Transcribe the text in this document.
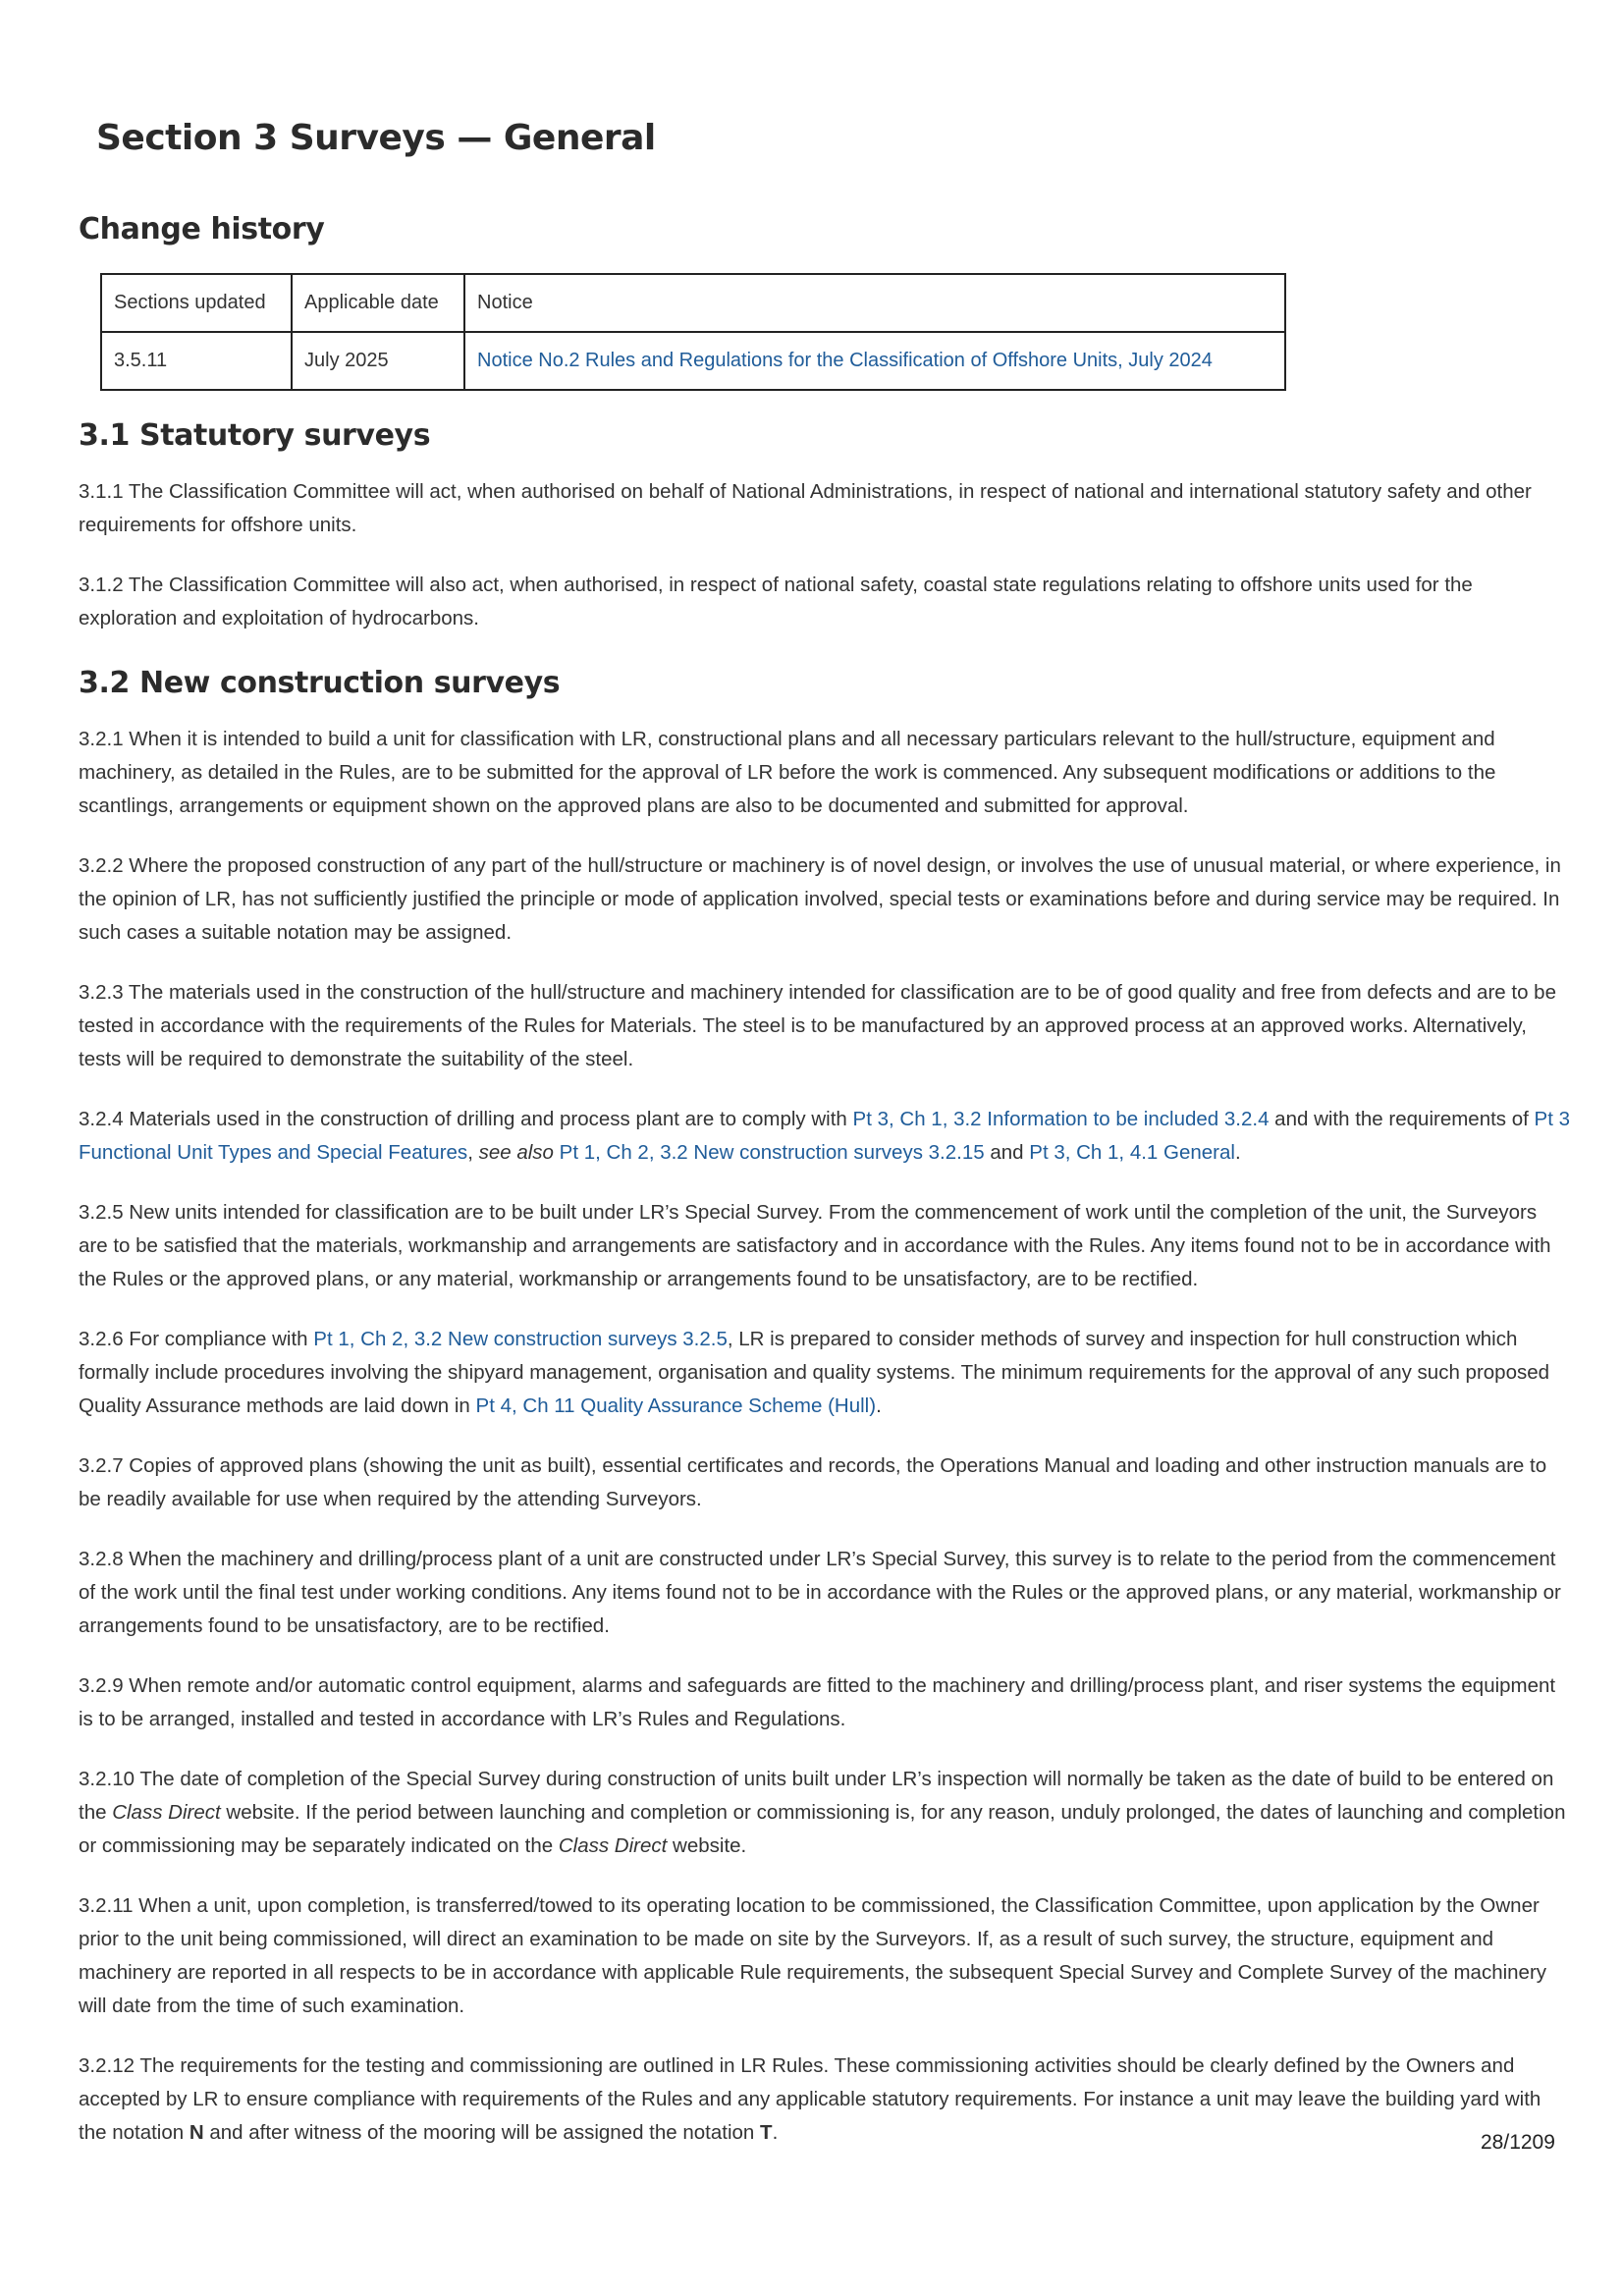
Section 3 Surveys — General
Change history
Sections updated	Applicable date	Notice
3.5.11	July 2025	Notice No.2 Rules and Regulations for the Classification of Offshore Units, July 2024
3.1 Statutory surveys

3.1.1 The Classification Committee will act, when authorised on behalf of National Administrations, in respect of national and international statutory safety and other requirements for offshore units.

3.1.2 The Classification Committee will also act, when authorised, in respect of national safety, coastal state regulations relating to offshore units used for the exploration and exploitation of hydrocarbons.

3.2 New construction surveys

3.2.1 When it is intended to build a unit for classification with LR, constructional plans and all necessary particulars relevant to the hull/structure, equipment and machinery, as detailed in the Rules, are to be submitted for the approval of LR before the work is commenced. Any subsequent modifications or additions to the scantlings, arrangements or equipment shown on the approved plans are also to be documented and submitted for approval.

3.2.2 Where the proposed construction of any part of the hull/structure or machinery is of novel design, or involves the use of unusual material, or where experience, in the opinion of LR, has not sufficiently justified the principle or mode of application involved, special tests or examinations before and during service may be required. In such cases a suitable notation may be assigned.

3.2.3 The materials used in the construction of the hull/structure and machinery intended for classification are to be of good quality and free from defects and are to be tested in accordance with the requirements of the Rules for Materials. The steel is to be manufactured by an approved process at an approved works. Alternatively, tests will be required to demonstrate the suitability of the steel.

3.2.4 Materials used in the construction of drilling and process plant are to comply with Pt 3, Ch 1, 3.2 Information to be included 3.2.4 and with the requirements of Pt 3 Functional Unit Types and Special Features, see also Pt 1, Ch 2, 3.2 New construction surveys 3.2.15 and Pt 3, Ch 1, 4.1 General.

3.2.5 New units intended for classification are to be built under LR’s Special Survey. From the commencement of work until the completion of the unit, the Surveyors are to be satisfied that the materials, workmanship and arrangements are satisfactory and in accordance with the Rules. Any items found not to be in accordance with the Rules or the approved plans, or any material, workmanship or arrangements found to be unsatisfactory, are to be rectified.

3.2.6 For compliance with Pt 1, Ch 2, 3.2 New construction surveys 3.2.5, LR is prepared to consider methods of survey and inspection for hull construction which formally include procedures involving the shipyard management, organisation and quality systems. The minimum requirements for the approval of any such proposed Quality Assurance methods are laid down in Pt 4, Ch 11 Quality Assurance Scheme (Hull).

3.2.7 Copies of approved plans (showing the unit as built), essential certificates and records, the Operations Manual and loading and other instruction manuals are to be readily available for use when required by the attending Surveyors.

3.2.8 When the machinery and drilling/process plant of a unit are constructed under LR’s Special Survey, this survey is to relate to the period from the commencement of the work until the final test under working conditions. Any items found not to be in accordance with the Rules or the approved plans, or any material, workmanship or arrangements found to be unsatisfactory, are to be rectified.

3.2.9 When remote and/or automatic control equipment, alarms and safeguards are fitted to the machinery and drilling/process plant, and riser systems the equipment is to be arranged, installed and tested in accordance with LR’s Rules and Regulations.

3.2.10 The date of completion of the Special Survey during construction of units built under LR’s inspection will normally be taken as the date of build to be entered on the Class Direct website. If the period between launching and completion or commissioning is, for any reason, unduly prolonged, the dates of launching and completion or commissioning may be separately indicated on the Class Direct website.

3.2.11 When a unit, upon completion, is transferred/towed to its operating location to be commissioned, the Classification Committee, upon application by the Owner prior to the unit being commissioned, will direct an examination to be made on site by the Surveyors. If, as a result of such survey, the structure, equipment and machinery are reported in all respects to be in accordance with applicable Rule requirements, the subsequent Special Survey and Complete Survey of the machinery will date from the time of such examination.

3.2.12 The requirements for the testing and commissioning are outlined in LR Rules. These commissioning activities should be clearly defined by the Owners and accepted by LR to ensure compliance with requirements of the Rules and any applicable statutory requirements. For instance a unit may leave the building yard with the notation N and after witness of the mooring will be assigned the notation T.	28/1209
